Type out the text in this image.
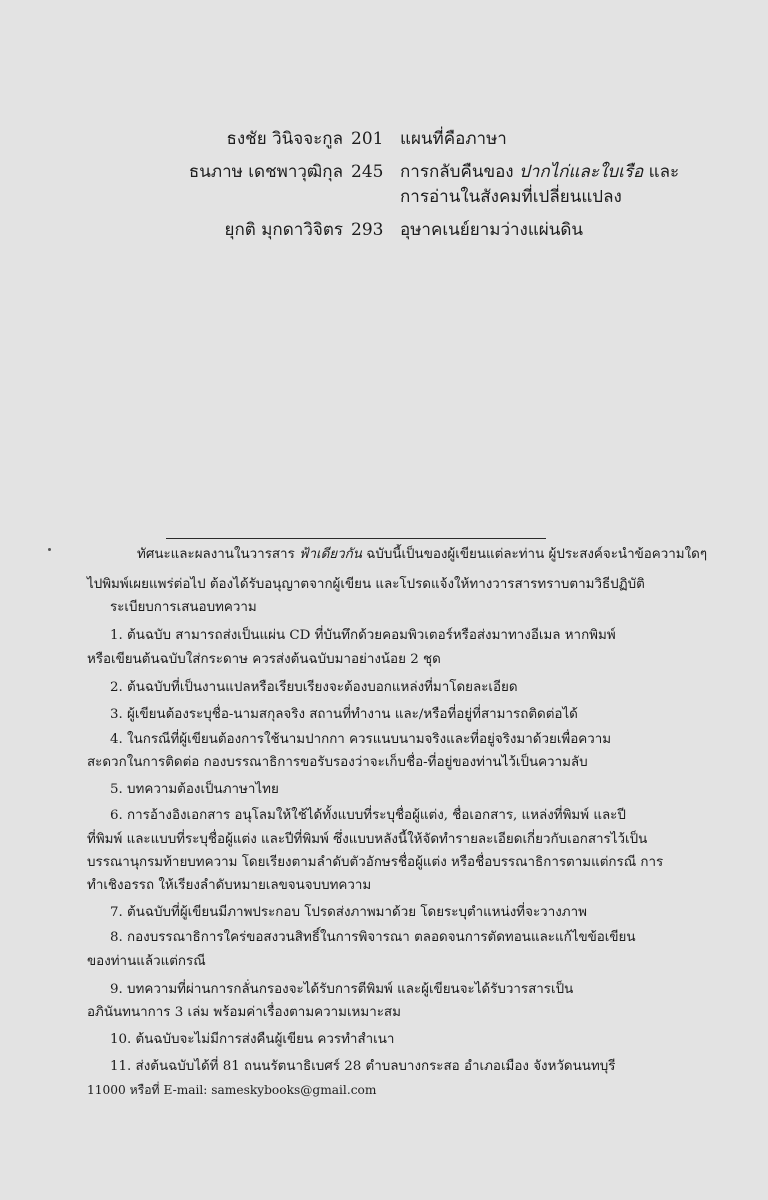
ธงชัย วินิจจะกูล 201 แผนที่คือภาษา
ธนภาษ เดชพาวุฒิกุล 245 การกลับคืนของ ปากไก่และใบเรือ และ
การอ่านในสังคมที่เปลี่ยนแปลง
ยุกติ มุกดาวิจิตร 293 อุษาคเนย์ยามว่างแผ่นดิน
ทัศนะและผลงานในวารสาร ฟ้าเดียวกัน ฉบับนี้เป็นของผู้เขียนแต่ละท่าน ผู้ประสงค์จะนำข้อความใดๆ
ไปพิมพ์เผยแพร่ต่อไป ต้องได้รับอนุญาตจากผู้เขียน และโปรดแจ้งให้ทางวารสารทราบตามวิธีปฏิบัติ
ระเบียบการเสนอบทความ
1. ต้นฉบับ สามารถส่งเป็นแผ่น CD ที่บันทึกด้วยคอมพิวเตอร์หรือส่งมาทางอีเมล หากพิมพ์
หรือเขียนต้นฉบับใส่กระดาษ ควรส่งต้นฉบับมาอย่างน้อย 2 ชุด
2. ต้นฉบับที่เป็นงานแปลหรือเรียบเรียงจะต้องบอกแหล่งที่มาโดยละเอียด
3. ผู้เขียนต้องระบุชื่อ-นามสกุลจริง สถานที่ทำงาน และ/หรือที่อยู่ที่สามารถติดต่อได้
4. ในกรณีที่ผู้เขียนต้องการใช้นามปากกา ควรแนบนามจริงและที่อยู่จริงมาด้วยเพื่อความ
สะดวกในการติดต่อ กองบรรณาธิการขอรับรองว่าจะเก็บชื่อ-ที่อยู่ของท่านไว้เป็นความลับ
5. บทความต้องเป็นภาษาไทย
6. การอ้างอิงเอกสาร อนุโลมให้ใช้ได้ทั้งแบบที่ระบุชื่อผู้แต่ง, ชื่อเอกสาร, แหล่งที่พิมพ์ และปี
ที่พิมพ์ และแบบที่ระบุชื่อผู้แต่ง และปีที่พิมพ์ ซึ่งแบบหลังนี้ให้จัดทำรายละเอียดเกี่ยวกับเอกสารไว้เป็น
บรรณานุกรมท้ายบทความ โดยเรียงตามลำดับตัวอักษรชื่อผู้แต่ง หรือชื่อบรรณาธิการตามแต่กรณี การ
ทำเชิงอรรถ ให้เรียงลำดับหมายเลขจนจบบทความ
7. ต้นฉบับที่ผู้เขียนมีภาพประกอบ โปรดส่งภาพมาด้วย โดยระบุตำแหน่งที่จะวางภาพ
8. กองบรรณาธิการใคร่ขอสงวนสิทธิ์ในการพิจารณา ตลอดจนการตัดทอนและแก้ไขข้อเขียน
ของท่านแล้วแต่กรณี
9. บทความที่ผ่านการกลั่นกรองจะได้รับการตีพิมพ์ และผู้เขียนจะได้รับวารสารเป็น
อภินันทนาการ 3 เล่ม พร้อมค่าเรื่องตามความเหมาะสม
10. ต้นฉบับจะไม่มีการส่งคืนผู้เขียน ควรทำสำเนา
11. ส่งต้นฉบับได้ที่ 81 ถนนรัตนาธิเบศร์ 28 ตำบลบางกระสอ อำเภอเมือง จังหวัดนนทบุรี
11000 หรือที่ E-mail: sameskybooks@gmail.com
